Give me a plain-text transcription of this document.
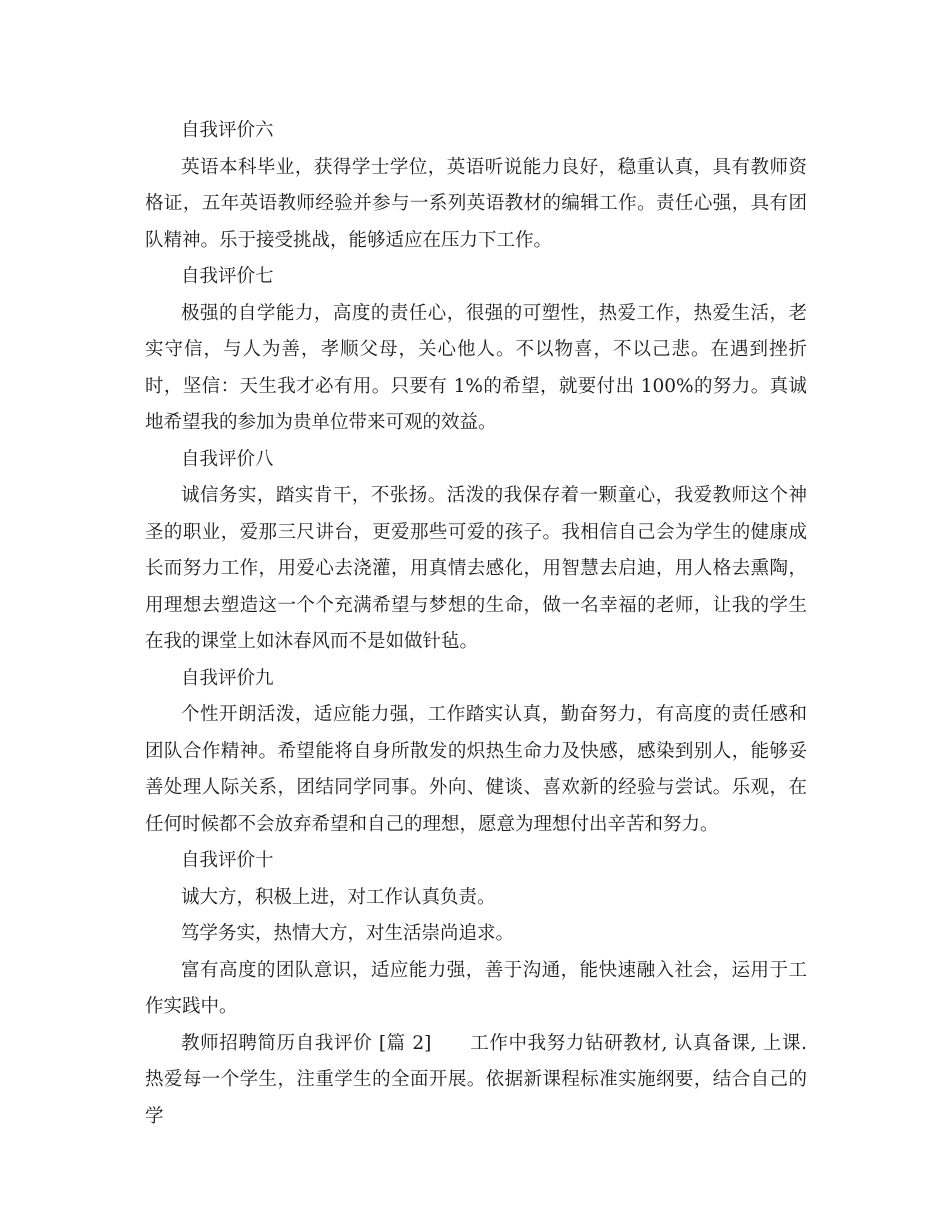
自我评价六

英语本科毕业，获得学士学位，英语听说能力良好，稳重认真，具有教师资格证，五年英语教师经验并参与一系列英语教材的编辑工作。责任心强，具有团队精神。乐于接受挑战，能够适应在压力下工作。

自我评价七

极强的自学能力，高度的责任心，很强的可塑性，热爱工作，热爱生活，老实守信，与人为善，孝顺父母，关心他人。不以物喜，不以己悲。在遇到挫折时，坚信：天生我才必有用。只要有 1%的希望，就要付出 100%的努力。真诚地希望我的参加为贵单位带来可观的效益。

自我评价八

诚信务实，踏实肯干，不张扬。活泼的我保存着一颗童心，我爱教师这个神圣的职业，爱那三尺讲台，更爱那些可爱的孩子。我相信自己会为学生的健康成长而努力工作，用爱心去浇灌，用真情去感化，用智慧去启迪，用人格去熏陶，用理想去塑造这一个个充满希望与梦想的生命，做一名幸福的老师，让我的学生在我的课堂上如沐春风而不是如做针毡。

自我评价九

个性开朗活泼，适应能力强，工作踏实认真，勤奋努力，有高度的责任感和团队合作精神。希望能将自身所散发的炽热生命力及快感，感染到别人，能够妥善处理人际关系，团结同学同事。外向、健谈、喜欢新的经验与尝试。乐观，在任何时候都不会放弃希望和自己的理想，愿意为理想付出辛苦和努力。

自我评价十

诚大方，积极上进，对工作认真负责。

笃学务实，热情大方，对生活崇尚追求。

富有高度的团队意识，适应能力强，善于沟通，能快速融入社会，运用于工作实践中。

教师招聘简历自我评价 [篇 2]　　工作中我努力钻研教材, 认真备课, 上课. 热爱每一个学生，注重学生的全面开展。依据新课程标准实施纲要，结合自己的学
